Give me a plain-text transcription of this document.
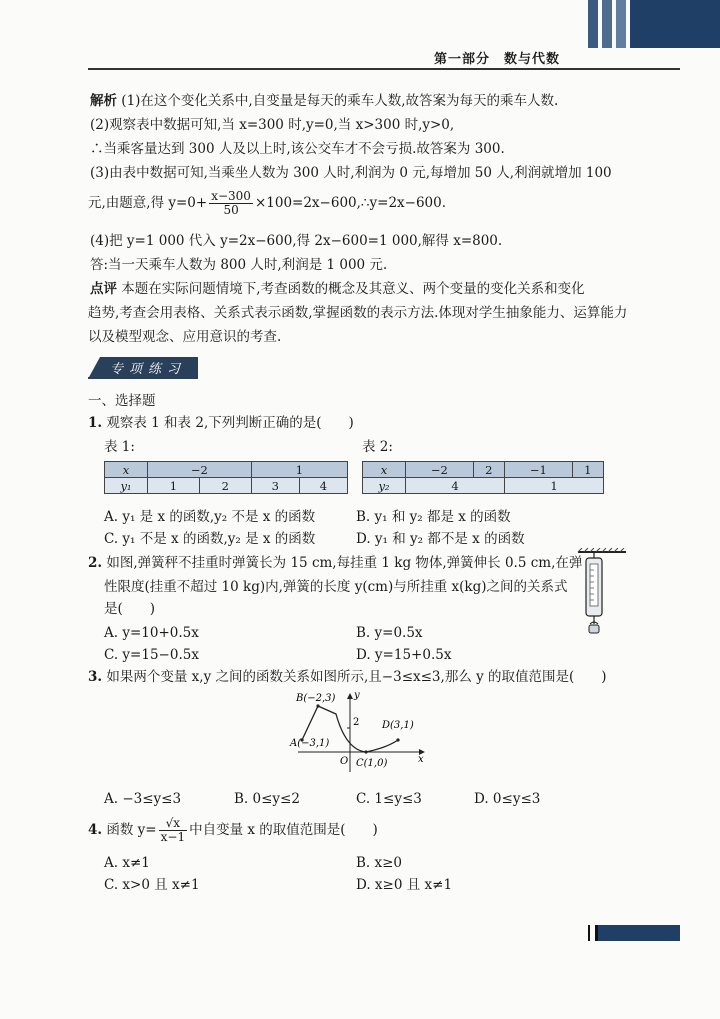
第一部分　数与代数
解析 (1)在这个变化关系中,自变量是每天的乘车人数,故答案为每天的乘车人数.
(2)观察表中数据可知,当 x=300 时,y=0,当 x>300 时,y>0,
∴当乘客量达到 300 人及以上时,该公交车才不会亏损.故答案为 300.
(3)由表中数据可知,当乘坐人数为 300 人时,利润为 0 元,每增加 50 人,利润就增加 100
元,由题意,得 $y=0+ \frac{x-300}{50}$ ×100=2x−600,∴y=2x−600.
(4)把 y=1 000 代入 y=2x−600,得 2x−600=1 000,解得 x=800.
答:当一天乘车人数为 800 人时,利润是 1 000 元.
点评 本题在实际问题情境下,考查函数的概念及其意义、两个变量的变化关系和变化
趋势,考查会用表格、关系式表示函数,掌握函数的表示方法.体现对学生抽象能力、运算能力
以及模型观念、应用意识的考查.
专项练习
一、选择题
1. 观察表 1 和表 2,下列判断正确的是(　　)
表 1:	表 2:
x	−2		1	
y₁	1	2	3	4
x	−2	2	−1	1
y₂	4		1	
A. y₁ 是 x 的函数,y₂ 不是 x 的函数	B. y₁ 和 y₂ 都是 x 的函数
C. y₁ 不是 x 的函数,y₂ 是 x 的函数	D. y₁ 和 y₂ 都不是 x 的函数
2. 如图,弹簧秤不挂重时弹簧长为 15 cm,每挂重 1 kg 物体,弹簧伸长 0.5 cm,在弹
性限度(挂重不超过 10 kg)内,弹簧的长度 y(cm)与所挂重 x(kg)之间的关系式
是(　　)
A. y=10+0.5x	B. y=0.5x
C. y=15−0.5x	D. y=15+0.5x
3. 如果两个变量 x,y 之间的函数关系如图所示,且−3≤x≤3,那么 y 的取值范围是(　　)
B(−2,3)
A(−3,1)
C(1,0)
D(3,1)
O	x
y
2
A. −3≤y≤3	B. 0≤y≤2	C. 1≤y≤3	D. 0≤y≤3
4. 函数 $y= \frac{√x}{x-1}$ 中自变量 x 的取值范围是(　　)
A. x≠1	B. x≥0
C. x>0 且 x≠1	D. x≥0 且 x≠1
